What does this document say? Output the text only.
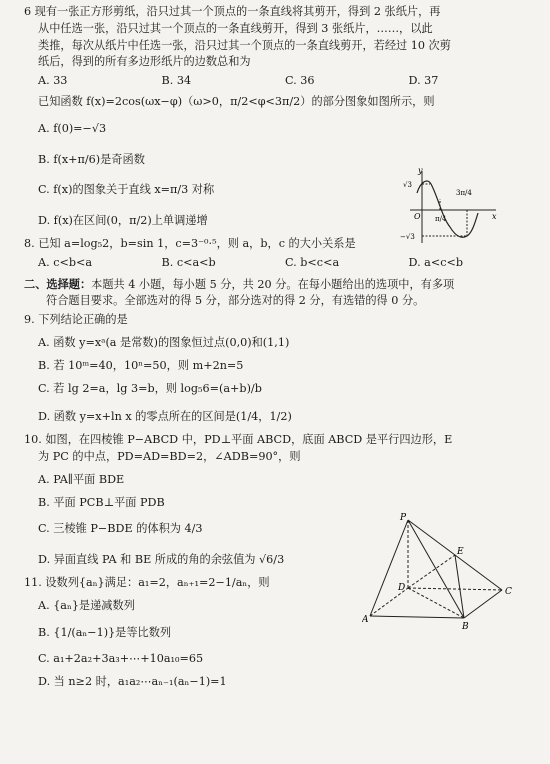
6 现有一张正方形剪纸，沿只过其一个顶点的一条直线将其剪开，得到 2 张纸片，再

从中任选一张，沿只过其一个顶点的一条直线剪开，得到 3 张纸片，……，以此

类推，每次从纸片中任选一张，沿只过其一个顶点的一条直线剪开，若经过 10 次剪

纸后，得到的所有多边形纸片的边数总和为

A. 33	B. 34	C. 36	D. 37

已知函数 f(x)=2cos(ωx−φ)（ω>0，π/2<φ<3π/2）的部分图象如图所示，则

A. f(0)=−√3

B. f(x+π/6)是奇函数

C. f(x)的图象关于直线 x=π/3 对称

D. f(x)在区间(0，π/2)上单调递增

y
x
O
√3
−√3
π/4
3π/4

8. 已知 a=log₅2，b=sin 1，c=3⁻⁰·⁵，则 a，b，c 的大小关系是

A. c<b<a	B. c<a<b	C. b<c<a	D. a<c<b

二、选择题：本题共 4 小题，每小题 5 分，共 20 分。在每小题给出的选项中，有多项

符合题目要求。全部选对的得 5 分，部分选对的得 2 分，有选错的得 0 分。

9. 下列结论正确的是

A. 函数 y=xᵃ(a 是常数)的图象恒过点(0,0)和(1,1)

B. 若 10ᵐ=40，10ⁿ=50，则 m+2n=5

C. 若 lg 2=a，lg 3=b，则 log₅6=(a+b)/b

D. 函数 y=x+ln x 的零点所在的区间是(1/4，1/2)

10. 如图，在四棱锥 P−ABCD 中，PD⊥平面 ABCD，底面 ABCD 是平行四边形，E

为 PC 的中点，PD=AD=BD=2，∠ADB=90°，则

A. PA∥平面 BDE

B. 平面 PCB⊥平面 PDB

C. 三棱锥 P−BDE 的体积为 4/3

D. 异面直线 PA 和 BE 所成的角的余弦值为 √6/3

P
E
D
A
B
C

11. 设数列{aₙ}满足：a₁=2，aₙ₊₁=2−1/aₙ，则

A. {aₙ}是递减数列

B. {1/(aₙ−1)}是等比数列

C. a₁+2a₂+3a₃+⋯+10a₁₀=65

D. 当 n≥2 时，a₁a₂⋯aₙ₋₁(aₙ−1)=1
